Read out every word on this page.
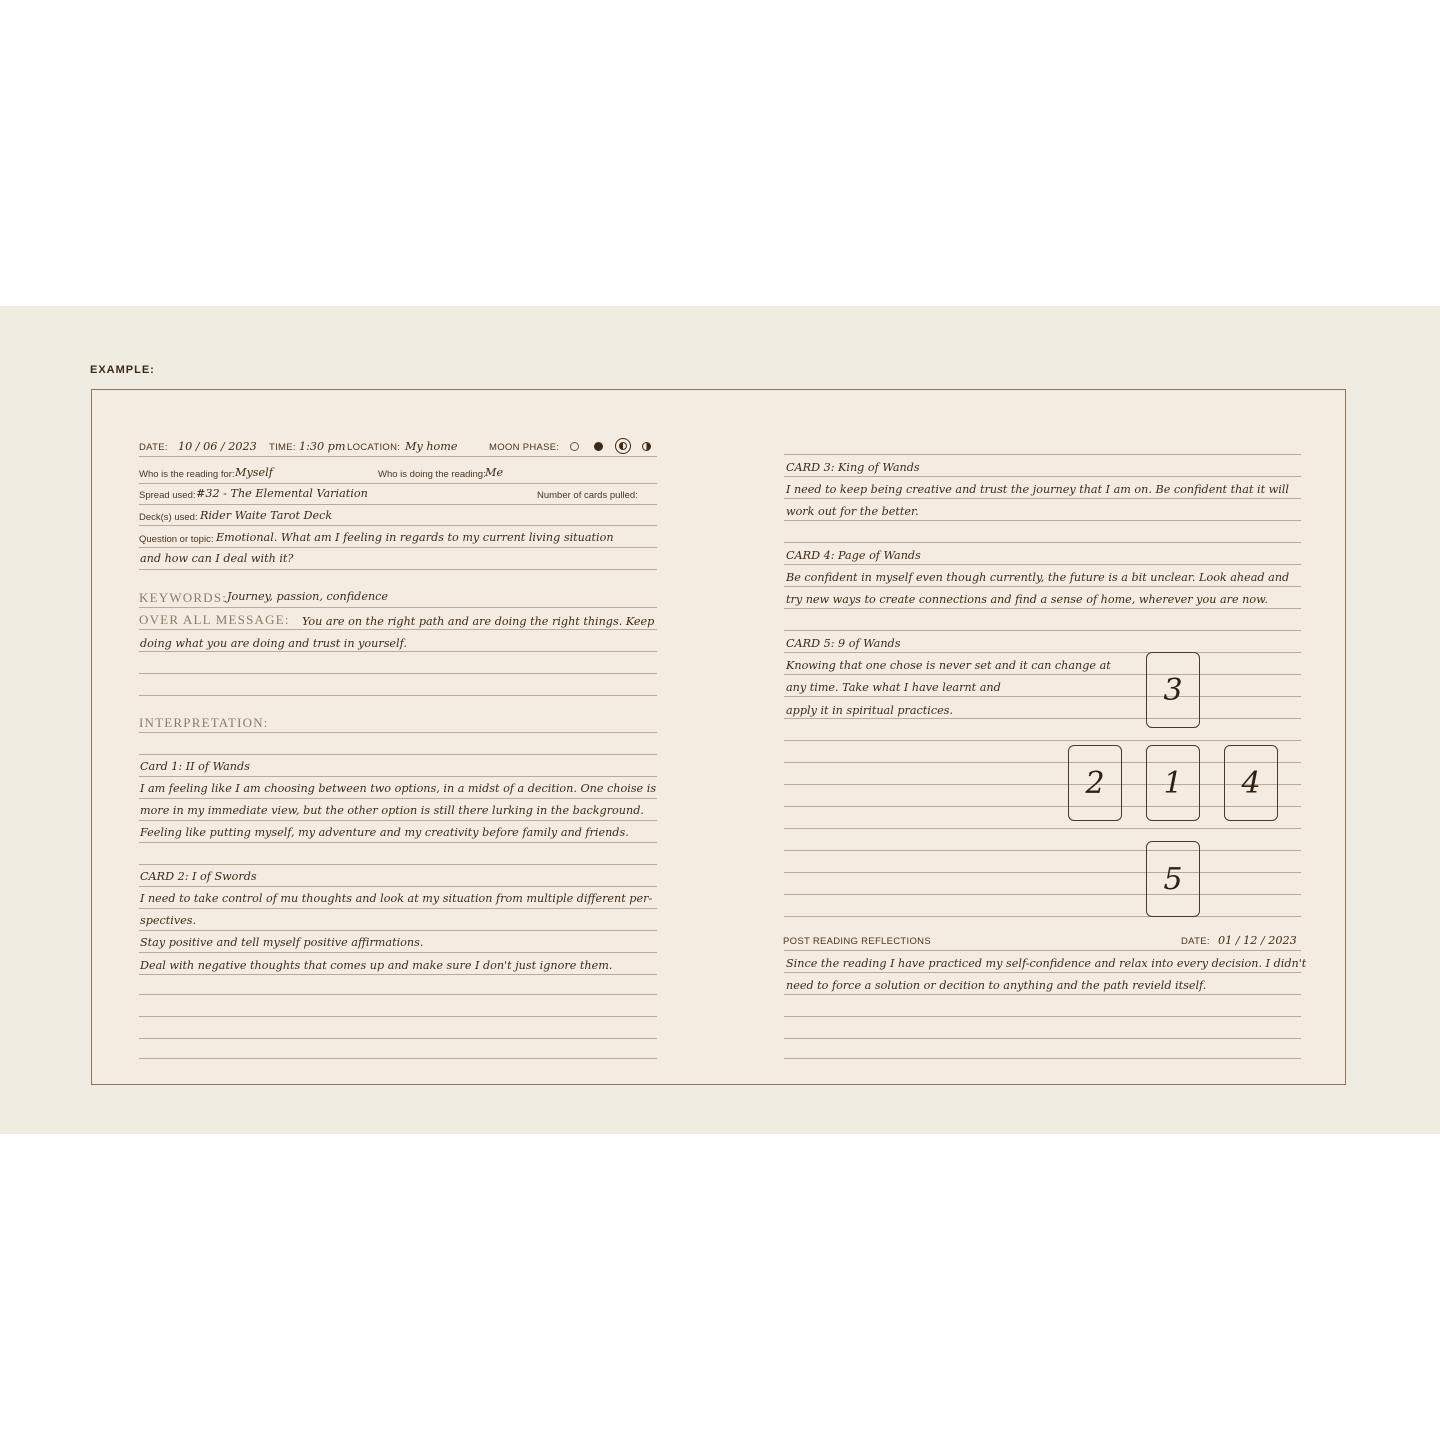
EXAMPLE:
DATE: 10 / 06 / 2023 TIME: 1:30 pm LOCATION: My home	MOON PHASE:
Who is the reading for: Myself	Who is doing the reading: Me
Spread used: #32 - The Elemental Variation	Number of cards pulled:
Deck(s) used: Rider Waite Tarot Deck
Question or topic: Emotional. What am I feeling in regards to my current living situation
and how can I deal with it?
KEYWORDS: Journey, passion, confidence
OVER ALL MESSAGE: You are on the right path and are doing the right things. Keep
doing what you are doing and trust in yourself.
INTERPRETATION:
Card 1: II of Wands
I am feeling like I am choosing between two options, in a midst of a decition. One choise is
more in my immediate view, but the other option is still there lurking in the background.
Feeling like putting myself, my adventure and my creativity before family and friends.
CARD 2: I of Swords
I need to take control of mu thoughts and look at my situation from multiple different per-
spectives.
Stay positive and tell myself positive affirmations.
Deal with negative thoughts that comes up and make sure I don't just ignore them.
CARD 3: King of Wands
I need to keep being creative and trust the journey that I am on. Be confident that it will
work out for the better.
CARD 4: Page of Wands
Be confident in myself even though currently, the future is a bit unclear. Look ahead and
try new ways to create connections and find a sense of home, wherever you are now.
CARD 5: 9 of Wands
Knowing that one chose is never set and it can change at
any time. Take what I have learnt and
apply it in spiritual practices.
3
2	1	4
5
POST READING REFLECTIONS	DATE: 01 / 12 / 2023
Since the reading I have practiced my self-confidence and relax into every decision. I didn't
need to force a solution or decition to anything and the path revield itself.
